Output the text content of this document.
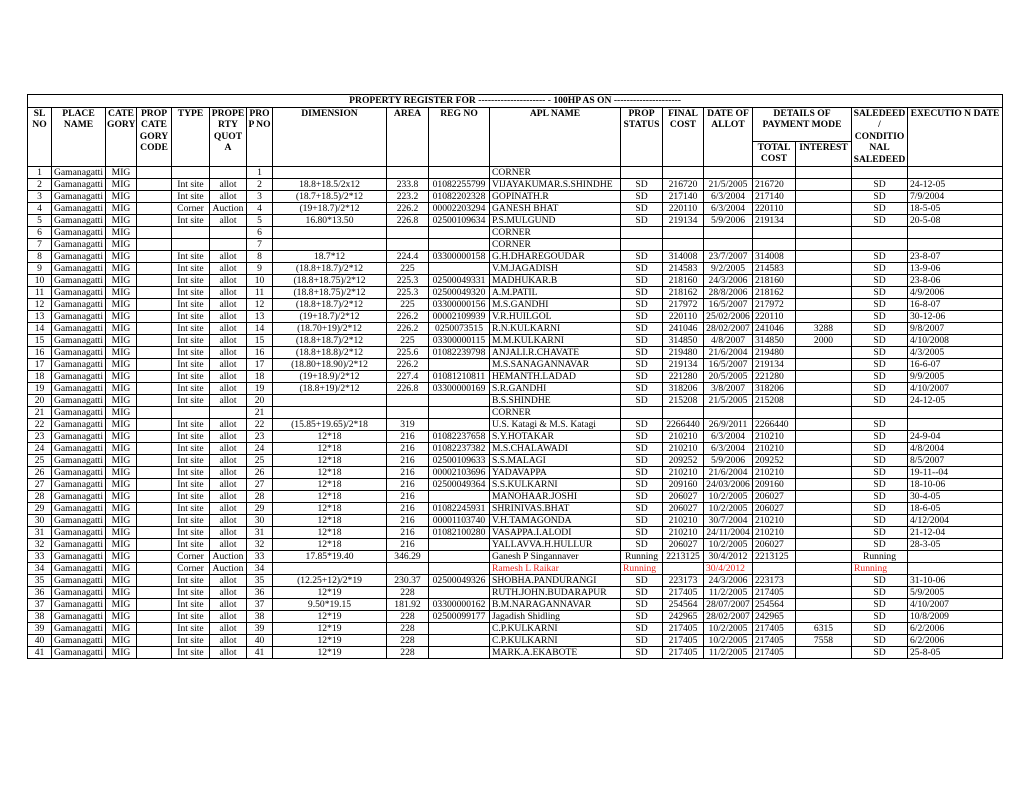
PROPERTY REGISTER FOR --------------------- - 100HP AS ON ---------------------																	
SL NO	PLACE NAME	CATE GORY	PROP CATE GORY CODE	TYPE	PROPE RTY QUOT A	PRO P NO	DIMENSION	AREA	REG NO	APL NAME	PROP STATUS	FINAL COST	DATE OF ALLOT	DETAILS OF PAYMENT MODE		SALEDEED / CONDITIO NAL SALEDEED	EXECUTIO N DATE
														TOTAL COST	INTEREST		
1	Gamanagatti	MIG				1				CORNER							
2	Gamanagatti	MIG		Int site	allot	2	18.8+18.5/2x12	233.8	01082255799	VIJAYAKUMAR.S.SHINDHE	SD	216720	21/5/2005	216720		SD	24-12-05
3	Gamanagatti	MIG		Int site	allot	3	(18.7+18.5)/2*12	223.2	01082202328	GOPINATH.R	SD	217140	6/3/2004	217140		SD	7/9/2004
4	Gamanagatti	MIG		Corner	Auction	4	(19+18.7)/2*12	226.2	00002203294	GANESH BHAT	SD	220110	6/3/2004	220110		SD	18-5-05
5	Gamanagatti	MIG		Int site	allot	5	16.80*13.50	226.8	02500109634	P.S.MULGUND	SD	219134	5/9/2006	219134		SD	20-5-08
6	Gamanagatti	MIG				6				CORNER							
7	Gamanagatti	MIG				7				CORNER							
8	Gamanagatti	MIG		Int site	allot	8	18.7*12	224.4	03300000158	G.H.DHAREGOUDAR	SD	314008	23/7/2007	314008		SD	23-8-07
9	Gamanagatti	MIG		Int site	allot	9	(18.8+18.7)/2*12	225		V.M.JAGADISH	SD	214583	9/2/2005	214583		SD	13-9-06
10	Gamanagatti	MIG		Int site	allot	10	(18.8+18.75)/2*12	225.3	02500049331	MADHUKAR.B	SD	218160	24/3/2006	218160		SD	23-8-06
11	Gamanagatti	MIG		Int site	allot	11	(18.8+18.75)/2*12	225.3	02500049320	A.M.PATIL	SD	218162	28/8/2006	218162		SD	4/9/2006
12	Gamanagatti	MIG		Int site	allot	12	(18.8+18.7)/2*12	225	03300000156	M.S.GANDHI	SD	217972	16/5/2007	217972		SD	16-8-07
13	Gamanagatti	MIG		Int site	allot	13	(19+18.7)/2*12	226.2	00002109939	V.R.HUILGOL	SD	220110	25/02/2006	220110		SD	30-12-06
14	Gamanagatti	MIG		Int site	allot	14	(18.70+19)/2*12	226.2	0250073515	R.N.KULKARNI	SD	241046	28/02/2007	241046	3288	SD	9/8/2007
15	Gamanagatti	MIG		Int site	allot	15	(18.8+18.7)/2*12	225	03300000115	M.M.KULKARNI	SD	314850	4/8/2007	314850	2000	SD	4/10/2008
16	Gamanagatti	MIG		Int site	allot	16	(18.8+18.8)/2*12	225.6	01082239798	ANJALI.R.CHAVATE	SD	219480	21/6/2004	219480		SD	4/3/2005
17	Gamanagatti	MIG		Int site	allot	17	(18.80+18.90)/2*12	226.2		M.S.SANAGANNAVAR	SD	219134	16/5/2007	219134		SD	16-6-07
18	Gamanagatti	MIG		Int site	allot	18	(19+18.9)/2*12	227.4	01081210811	HEMANTH.LADAD	SD	221280	20/5/2005	221280		SD	9/9/2005
19	Gamanagatti	MIG		Int site	allot	19	(18.8+19)/2*12	226.8	03300000169	S.R.GANDHI	SD	318206	3/8/2007	318206		SD	4/10/2007
20	Gamanagatti	MIG		Int site	allot	20				B.S.SHINDHE	SD	215208	21/5/2005	215208		SD	24-12-05
21	Gamanagatti	MIG				21				CORNER							
22	Gamanagatti	MIG		Int site	allot	22	(15.85+19.65)/2*18	319		U.S. Katagi & M.S. Katagi	SD	2266440	26/9/2011	2266440		SD	
23	Gamanagatti	MIG		Int site	allot	23	12*18	216	01082237658	S.Y.HOTAKAR	SD	210210	6/3/2004	210210		SD	24-9-04
24	Gamanagatti	MIG		Int site	allot	24	12*18	216	01082237382	M.S.CHALAWADI	SD	210210	6/3/2004	210210		SD	4/8/2004
25	Gamanagatti	MIG		Int site	allot	25	12*18	216	02500109633	S.S.MALAGI	SD	209252	5/9/2006	209252		SD	8/5/2007
26	Gamanagatti	MIG		Int site	allot	26	12*18	216	00002103696	YADAVAPPA	SD	210210	21/6/2004	210210		SD	19-11--04
27	Gamanagatti	MIG		Int site	allot	27	12*18	216	02500049364	S.S.KULKARNI	SD	209160	24/03/2006	209160		SD	18-10-06
28	Gamanagatti	MIG		Int site	allot	28	12*18	216		MANOHAAR.JOSHI	SD	206027	10/2/2005	206027		SD	30-4-05
29	Gamanagatti	MIG		Int site	allot	29	12*18	216	01082245931	SHRINIVAS.BHAT	SD	206027	10/2/2005	206027		SD	18-6-05
30	Gamanagatti	MIG		Int site	allot	30	12*18	216	00001103740	V.H.TAMAGONDA	SD	210210	30/7/2004	210210		SD	4/12/2004
31	Gamanagatti	MIG		Int site	allot	31	12*18	216	01082100280	VASAPPA.I.ALODI	SD	210210	24/11/2004	210210		SD	21-12-04
32	Gamanagatti	MIG		Int site	allot	32	12*18	216		YALLAVVA.H.HULLUR	SD	206027	10/2/2005	206027		SD	28-3-05
33	Gamanagatti	MIG		Corner	Auction	33	17.85*19.40	346.29		Ganesh P Singannaver	Running	2213125	30/4/2012	2213125		Running	
34	Gamanagatti	MIG		Corner	Auction	34				Ramesh L Raikar	Running		30/4/2012			Running	
35	Gamanagatti	MIG		Int site	allot	35	(12.25+12)/2*19	230.37	02500049326	SHOBHA.PANDURANGI	SD	223173	24/3/2006	223173		SD	31-10-06
36	Gamanagatti	MIG		Int site	allot	36	12*19	228		RUTH.JOHN.BUDARAPUR	SD	217405	11/2/2005	217405		SD	5/9/2005
37	Gamanagatti	MIG		Int site	allot	37	9.50*19.15	181.92	03300000162	B.M.NARAGANNAVAR	SD	254564	28/07/2007	254564		SD	4/10/2007
38	Gamanagatti	MIG		Int site	allot	38	12*19	228	02500099177	Jagadish Shidling	SD	242965	28/02/2007	242965		SD	10/8/2009
39	Gamanagatti	MIG		Int site	allot	39	12*19	228		C.P.KULKARNI	SD	217405	10/2/2005	217405	6315	SD	6/2/2006
40	Gamanagatti	MIG		Int site	allot	40	12*19	228		C.P.KULKARNI	SD	217405	10/2/2005	217405	7558	SD	6/2/2006
41	Gamanagatti	MIG		Int site	allot	41	12*19	228		MARK.A.EKABOTE	SD	217405	11/2/2005	217405		SD	25-8-05
